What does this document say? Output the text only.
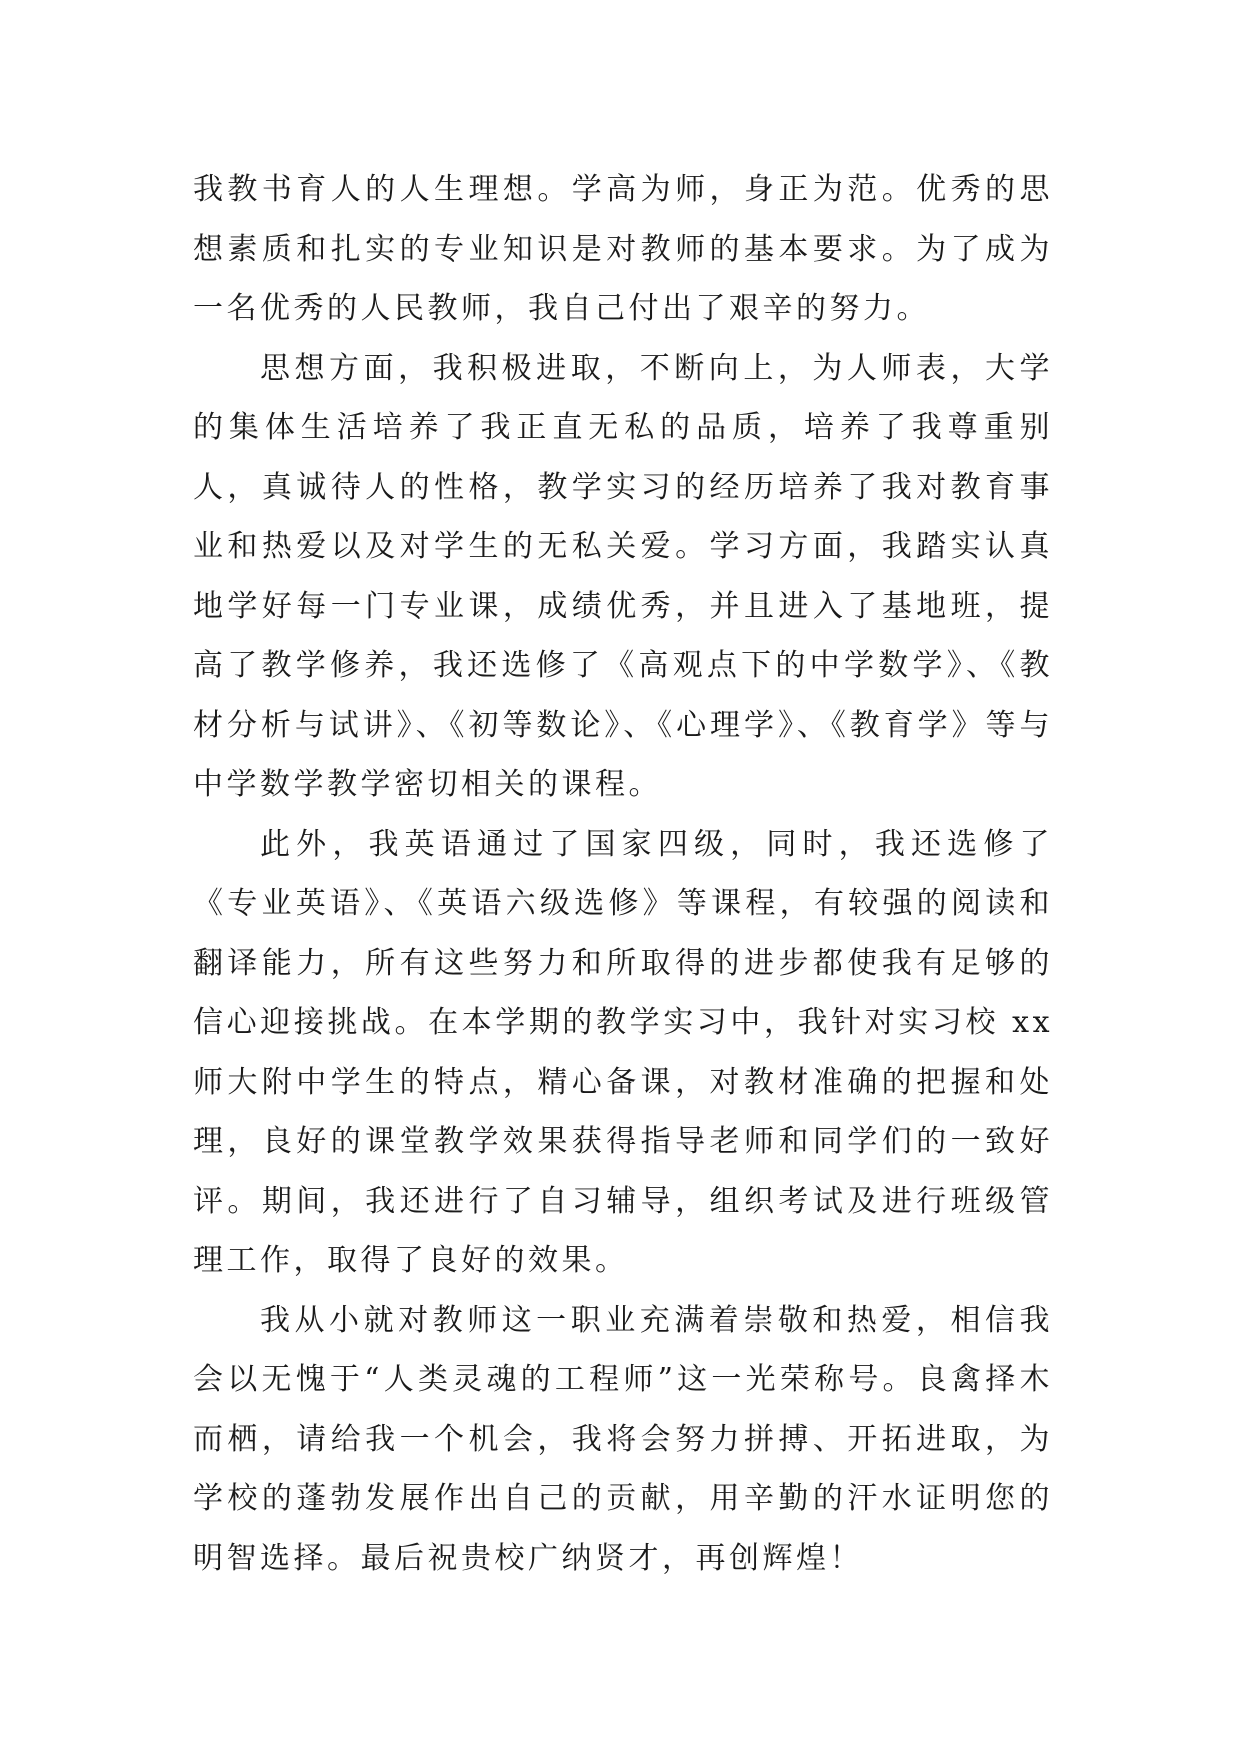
我教书育人的人生理想。学高为师，身正为范。优秀的思想素质和扎实的专业知识是对教师的基本要求。为了成为一名优秀的人民教师，我自己付出了艰辛的努力。

思想方面，我积极进取，不断向上，为人师表，大学的集体生活培养了我正直无私的品质，培养了我尊重别人，真诚待人的性格，教学实习的经历培养了我对教育事业和热爱以及对学生的无私关爱。学习方面，我踏实认真地学好每一门专业课，成绩优秀，并且进入了基地班，提高了教学修养，我还选修了《高观点下的中学数学》、《教材分析与试讲》、《初等数论》、《心理学》、《教育学》等与中学数学教学密切相关的课程。

此外，我英语通过了国家四级，同时，我还选修了《专业英语》、《英语六级选修》等课程，有较强的阅读和翻译能力，所有这些努力和所取得的进步都使我有足够的信心迎接挑战。在本学期的教学实习中，我针对实习校 xx 师大附中学生的特点，精心备课，对教材准确的把握和处理，良好的课堂教学效果获得指导老师和同学们的一致好评。期间，我还进行了自习辅导，组织考试及进行班级管理工作，取得了良好的效果。

我从小就对教师这一职业充满着崇敬和热爱，相信我会以无愧于“人类灵魂的工程师”这一光荣称号。良禽择木而栖，请给我一个机会，我将会努力拼搏、开拓进取，为学校的蓬勃发展作出自己的贡献，用辛勤的汗水证明您的明智选择。最后祝贵校广纳贤才，再创辉煌！
